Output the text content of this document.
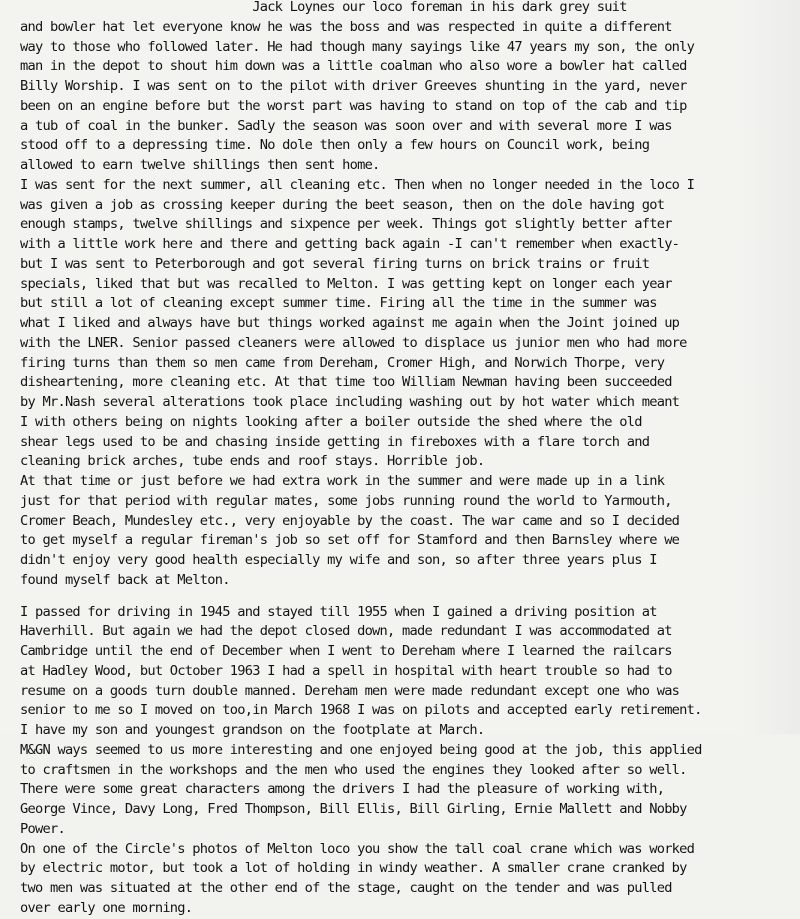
Jack Loynes our loco foreman in his dark grey suit
and bowler hat let everyone know he was the boss and was respected in quite a different
way to those who followed later. He had though many sayings like 47 years my son, the only
man in the depot to shout him down was a little coalman who also wore a bowler hat called
Billy Worship. I was sent on to the pilot with driver Greeves shunting in the yard, never
been on an engine before but the worst part was having to stand on top of the cab and tip
a tub of coal in the bunker. Sadly the season was soon over and with several more I was
stood off to a depressing time. No dole then only a few hours on Council work, being
allowed to earn twelve shillings then sent home.
I was sent for the next summer, all cleaning etc. Then when no longer needed in the loco I
was given a job as crossing keeper during the beet season, then on the dole having got
enough stamps, twelve shillings and sixpence per week. Things got slightly better after
with a little work here and there and getting back again -I can't remember when exactly-
but I was sent to Peterborough and got several firing turns on brick trains or fruit
specials, liked that but was recalled to Melton. I was getting kept on longer each year
but still a lot of cleaning except summer time. Firing all the time in the summer was
what I liked and always have but things worked against me again when the Joint joined up
with the LNER. Senior passed cleaners were allowed to displace us junior men who had more
firing turns than them so men came from Dereham, Cromer High, and Norwich Thorpe, very
disheartening, more cleaning etc. At that time too William Newman having been succeeded
by Mr.Nash several alterations took place including washing out by hot water which meant
I with others being on nights looking after a boiler outside the shed where the old
shear legs used to be and chasing inside getting in fireboxes with a flare torch and
cleaning brick arches, tube ends and roof stays. Horrible job.
At that time or just before we had extra work in the summer and were made up in a link
just for that period with regular mates, some jobs running round the world to Yarmouth,
Cromer Beach, Mundesley etc., very enjoyable by the coast. The war came and so I decided
to get myself a regular fireman's job so set off for Stamford and then Barnsley where we
didn't enjoy very good health especially my wife and son, so after three years plus I
found myself back at Melton.
I passed for driving in 1945 and stayed till 1955 when I gained a driving position at
Haverhill. But again we had the depot closed down, made redundant I was accommodated at
Cambridge until the end of December when I went to Dereham where I learned the railcars
at Hadley Wood, but October 1963 I had a spell in hospital with heart trouble so had to
resume on a goods turn double manned. Dereham men were made redundant except one who was
senior to me so I moved on too,in March 1968 I was on pilots and accepted early retirement.
I have my son and youngest grandson on the footplate at March.
M&GN ways seemed to us more interesting and one enjoyed being good at the job, this applied
to craftsmen in the workshops and the men who used the engines they looked after so well.
There were some great characters among the drivers I had the pleasure of working with,
George Vince, Davy Long, Fred Thompson, Bill Ellis, Bill Girling, Ernie Mallett and Nobby
Power.
On one of the Circle's photos of Melton loco you show the tall coal crane which was worked
by electric motor, but took a lot of holding in windy weather. A smaller crane cranked by
two men was situated at the other end of the stage, caught on the tender and was pulled
over early one morning.
